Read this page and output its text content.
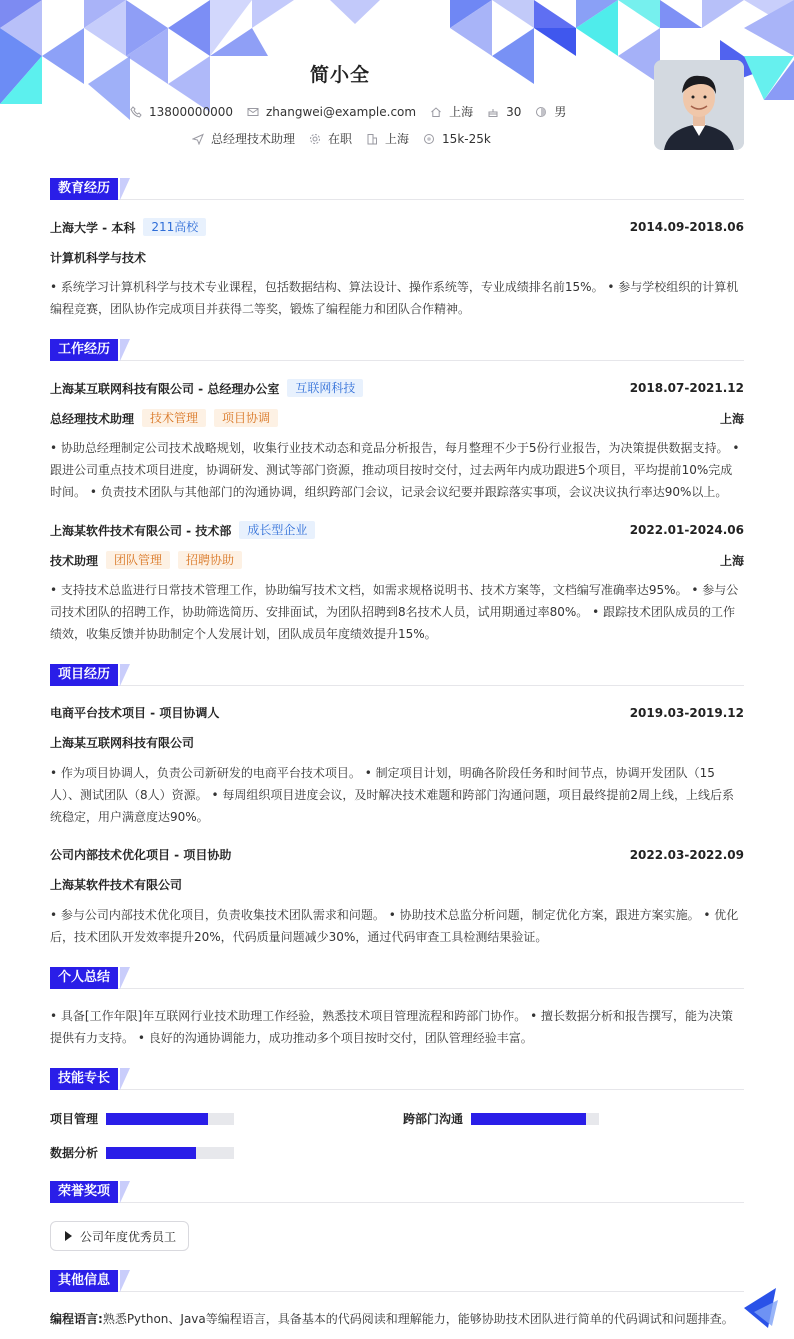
简小全
13800000000	zhangwei@example.com	上海	30	男
总经理技术助理	在职	上海	15k-25k
教育经历
上海大学 - 本科	211高校	2014.09-2018.06
计算机科学与技术
• 系统学习计算机科学与技术专业课程，包括数据结构、算法设计、操作系统等，专业成绩排名前15%。 • 参与学校组织的计算机编程竞赛，团队协作完成项目并获得二等奖，锻炼了编程能力和团队合作精神。
工作经历
上海某互联网科技有限公司 - 总经理办公室	互联网科技	2018.07-2021.12
总经理技术助理	技术管理	项目协调	上海
• 协助总经理制定公司技术战略规划，收集行业技术动态和竞品分析报告，每月整理不少于5份行业报告，为决策提供数据支持。 • 跟进公司重点技术项目进度，协调研发、测试等部门资源，推动项目按时交付，过去两年内成功跟进5个项目，平均提前10%完成时间。 • 负责技术团队与其他部门的沟通协调，组织跨部门会议，记录会议纪要并跟踪落实事项，会议决议执行率达90%以上。
上海某软件技术有限公司 - 技术部	成长型企业	2022.01-2024.06
技术助理	团队管理	招聘协助	上海
• 支持技术总监进行日常技术管理工作，协助编写技术文档，如需求规格说明书、技术方案等，文档编写准确率达95%。 • 参与公司技术团队的招聘工作，协助筛选简历、安排面试，为团队招聘到8名技术人员，试用期通过率80%。 • 跟踪技术团队成员的工作绩效，收集反馈并协助制定个人发展计划，团队成员年度绩效提升15%。
项目经历
电商平台技术项目 - 项目协调人	2019.03-2019.12
上海某互联网科技有限公司
• 作为项目协调人，负责公司新研发的电商平台技术项目。 • 制定项目计划，明确各阶段任务和时间节点，协调开发团队（15人）、测试团队（8人）资源。 • 每周组织项目进度会议，及时解决技术难题和跨部门沟通问题，项目最终提前2周上线，上线后系统稳定，用户满意度达90%。
公司内部技术优化项目 - 项目协助	2022.03-2022.09
上海某软件技术有限公司
• 参与公司内部技术优化项目，负责收集技术团队需求和问题。 • 协助技术总监分析问题，制定优化方案，跟进方案实施。 • 优化后，技术团队开发效率提升20%，代码质量问题减少30%，通过代码审查工具检测结果验证。
个人总结
• 具备[工作年限]年互联网行业技术助理工作经验，熟悉技术项目管理流程和跨部门协作。 • 擅长数据分析和报告撰写，能为决策提供有力支持。 • 良好的沟通协调能力，成功推动多个项目按时交付，团队管理经验丰富。
技能专长
项目管理	跨部门沟通
数据分析
荣誉奖项
公司年度优秀员工
其他信息
编程语言:熟悉Python、Java等编程语言，具备基本的代码阅读和理解能力，能够协助技术团队进行简单的代码调试和问题排查。
